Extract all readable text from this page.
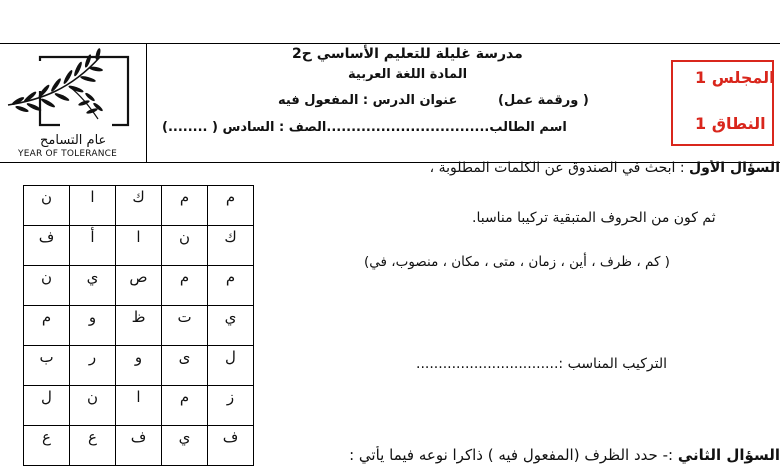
عام التسامح
YEAR OF TOLERANCE
مدرسة غليلة للتعليم الأساسي ح2
المادة اللغة العربية
( ورقمة عمل)
عنوان الدرس : المفعول فيه
اسم الطالب.................................الصف : السادس ( ........)
المجلس 1
النطاق 1
السؤال الأول : ابحث في الصندوق عن الكلمات المطلوبة ،
ثم كون من الحروف المتبقية تركيبا مناسبا.
( كم ، ظرف ، أين ، زمان ، متى ، مكان ، منصوب، في)
التركيب المناسب :................................
السؤال الثاني :- حدد الظرف (المفعول فيه ) ذاكرا نوعه فيما يأتي :
ن	ا	ك	م	م
ف	أ	ا	ن	ك
ن	ي	ص	م	م
م	و	ظ	ت	ي
ب	ر	و	ى	ل
ل	ن	ا	م	ز
ع	ع	ف	ي	ف
